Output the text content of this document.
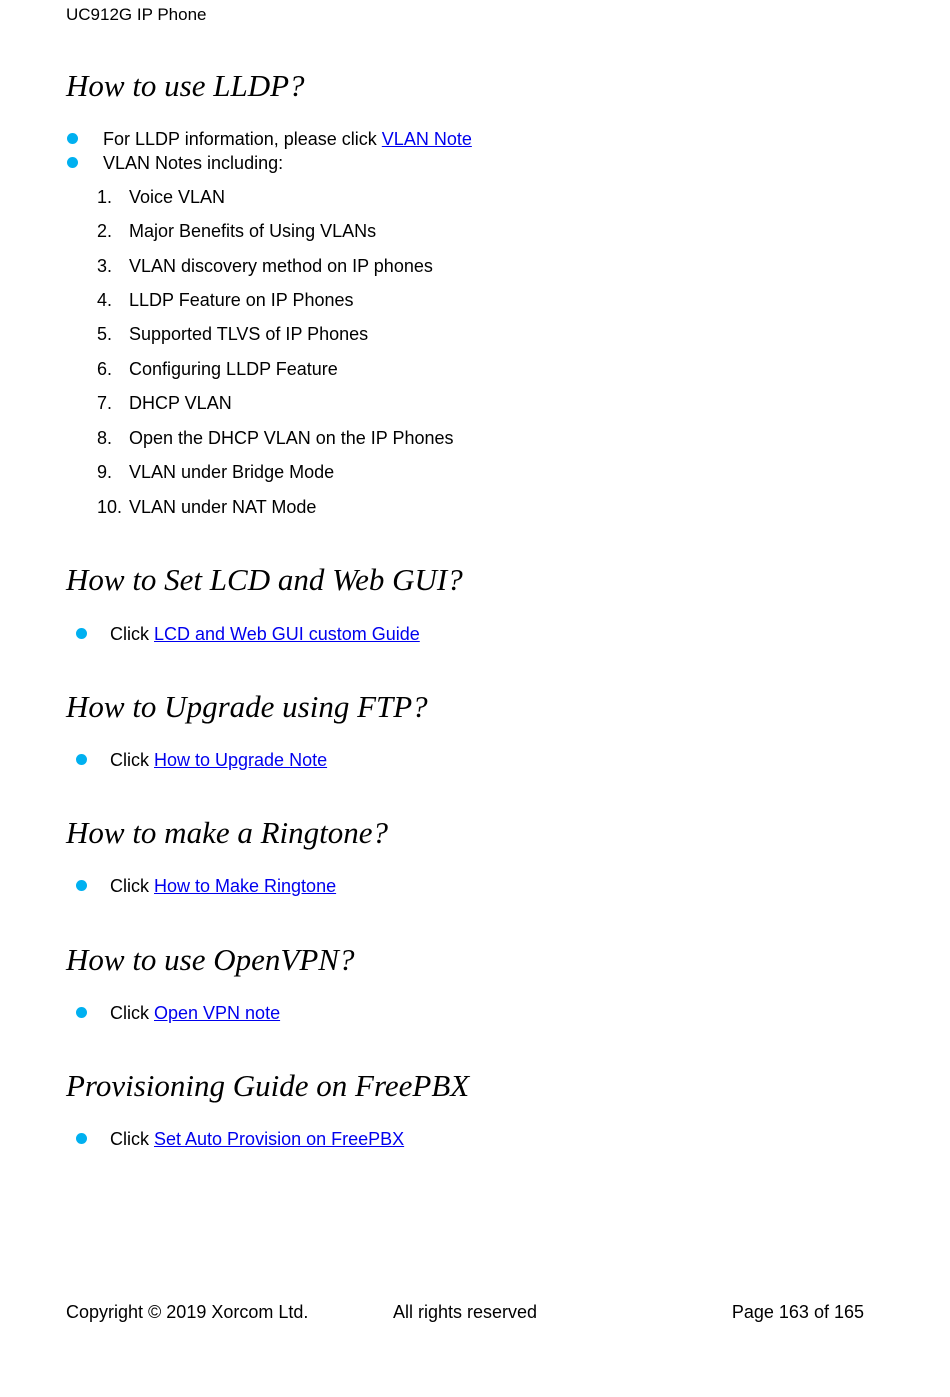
UC912G IP Phone
How to use LLDP?
For LLDP information, please click VLAN Note
VLAN Notes including:
1. Voice VLAN
2. Major Benefits of Using VLANs
3. VLAN discovery method on IP phones
4. LLDP Feature on IP Phones
5. Supported TLVS of IP Phones
6. Configuring LLDP Feature
7. DHCP VLAN
8. Open the DHCP VLAN on the IP Phones
9. VLAN under Bridge Mode
10. VLAN under NAT Mode
How to Set LCD and Web GUI?
Click LCD and Web GUI custom Guide
How to Upgrade using FTP?
Click How to Upgrade Note
How to make a Ringtone?
Click How to Make Ringtone
How to use OpenVPN?
Click Open VPN note
Provisioning Guide on FreePBX
Click Set Auto Provision on FreePBX
Copyright © 2019 Xorcom Ltd.	All rights reserved	Page 163 of 165
